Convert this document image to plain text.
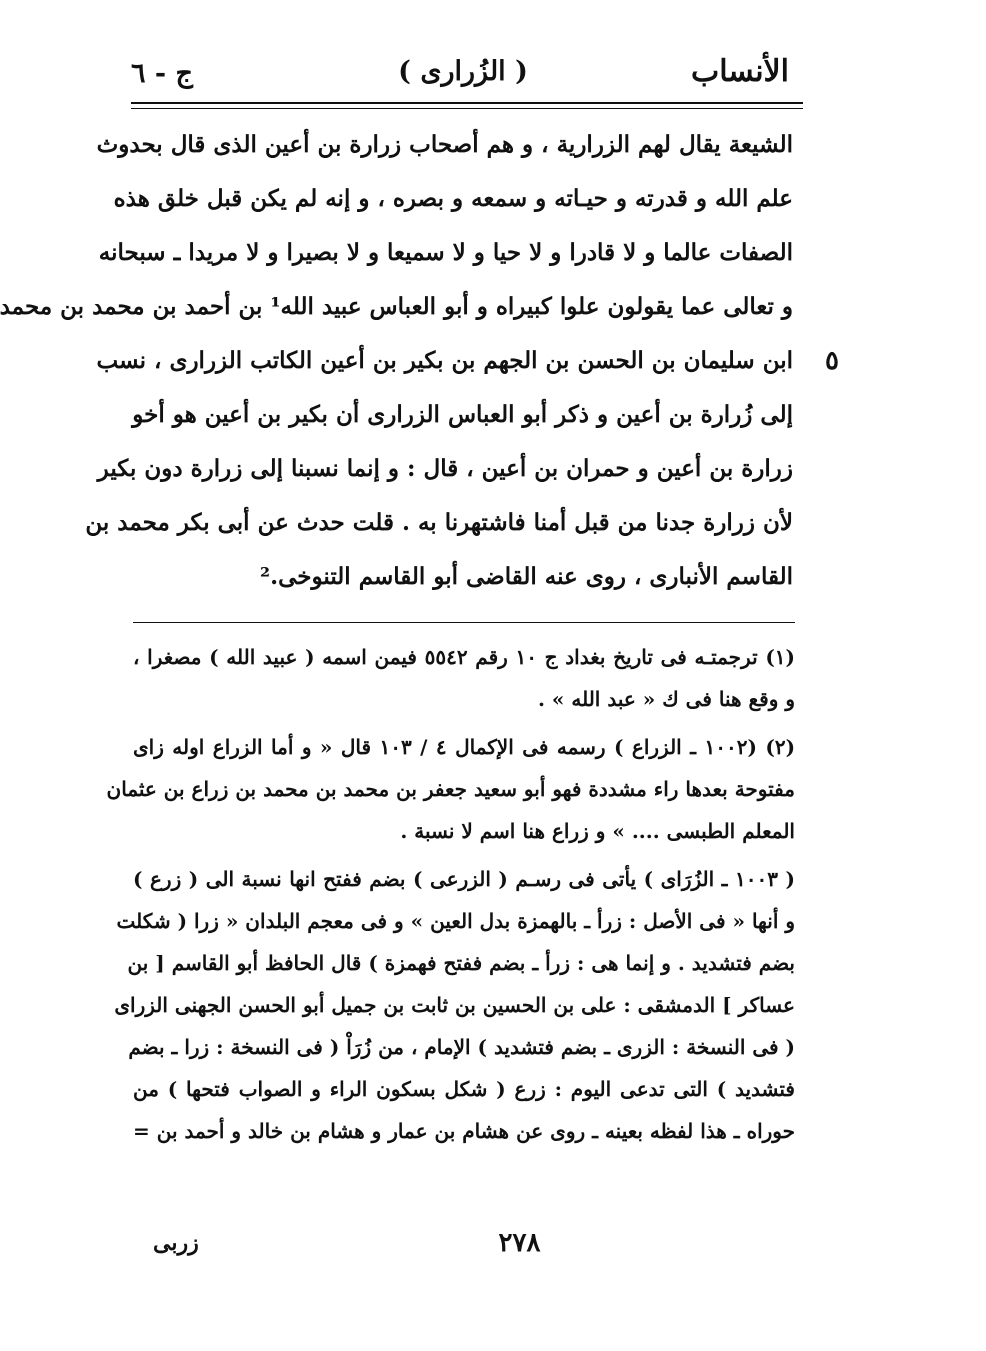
الأنساب
( الزُرارى )
ج - ٦
٥
الشيعة يقال لهم الزرارية ، و هم أصحاب زرارة بن أعين الذى قال بحدوث
علم الله و قدرته و حيـاته و سمعه و بصره ، و إنه لم يكن قبل خلق هذه
الصفات عالما و لا قادرا و لا حيا و لا سميعا و لا بصيرا و لا مريدا ـ سبحانه
و تعالى عما يقولون علوا كبيراه و أبو العباس عبيد الله¹ بن أحمد بن محمد بن محمد
ابن سليمان بن الحسن بن الجهم بن بكير بن أعين الكاتب الزرارى ، نسب
إلى زُرارة بن أعين و ذكر أبو العباس الزرارى أن بكير بن أعين هو أخو
زرارة بن أعين و حمران بن أعين ، قال : و إنما نسبنا إلى زرارة دون بكير
لأن زرارة جدنا من قبل أمنا فاشتهرنا به . قلت حدث عن أبى بكر محمد بن
القاسم الأنبارى ، روى عنه القاضى أبو القاسم التنوخى.²
(١) ترجمتـه فى تاريخ بغداد ج ١٠ رقم ٥٥٤٢ فيمن اسمه ( عبيد الله ) مصغرا ،
و وقع هنا فى ك « عبد الله » .
(٢) (١٠٠٢ ـ الزراع ) رسمه فى الإكمال ٤ / ١٠٣ قال « و أما الزراع اوله زاى
مفتوحة بعدها راء مشددة فهو أبو سعيد جعفر بن محمد بن محمد بن زراع بن عثمان
المعلم الطبسى .... » و زراع هنا اسم لا نسبة .
( ١٠٠٣ ـ الزُرَاى ) يأتى فى رسـم ( الزرعى ) بضم ففتح انها نسبة الى ( زرع )
و أنها « فى الأصل : زرأ ـ بالهمزة بدل العين » و فى معجم البلدان « زرا ( شكلت
بضم فتشديد . و إنما هى : زرأ ـ بضم ففتح فهمزة ) قال الحافظ أبو القاسم [ بن
عساكر ] الدمشقى : على بن الحسين بن ثابت بن جميل أبو الحسن الجهنى الزراى
( فى النسخة : الزرى ـ بضم فتشديد ) الإمام ، من زُرَاْ ( فى النسخة : زرا ـ بضم
فتشديد ) التى تدعى اليوم : زرع ( شكل بسكون الراء و الصواب فتحها ) من
حوراه ـ هذا لفظه بعينه ـ روى عن هشام بن عمار و هشام بن خالد و أحمد بن =
٢٧٨
زربى
